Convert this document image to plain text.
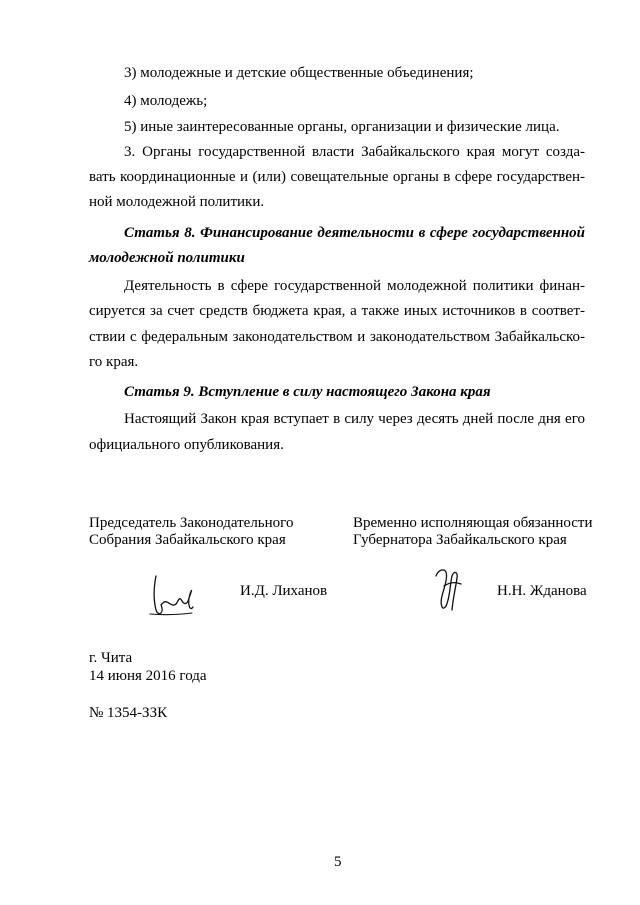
3) молодежные и детские общественные объединения;
4) молодежь;
5) иные заинтересованные органы, организации и физические лица.
3. Органы государственной власти Забайкальского края могут созда-
вать координационные и (или) совещательные органы в сфере государствен-
ной молодежной политики.
Статья 8. Финансирование деятельности в сфере государственной
молодежной политики
Деятельность в сфере государственной молодежной политики финан-
сируется за счет средств бюджета края, а также иных источников в соответ-
ствии с федеральным законодательством и законодательством Забайкальско-
го края.
Статья 9. Вступление в силу настоящего Закона края
Настоящий Закон края вступает в силу через десять дней после дня его
официального опубликования.
Председатель Законодательного
Собрания Забайкальского края
Временно исполняющая обязанности
Губернатора Забайкальского края
И.Д. Лиханов	Н.Н. Жданова
г. Чита
14 июня 2016 года
№ 1354-ЗЗК
5
